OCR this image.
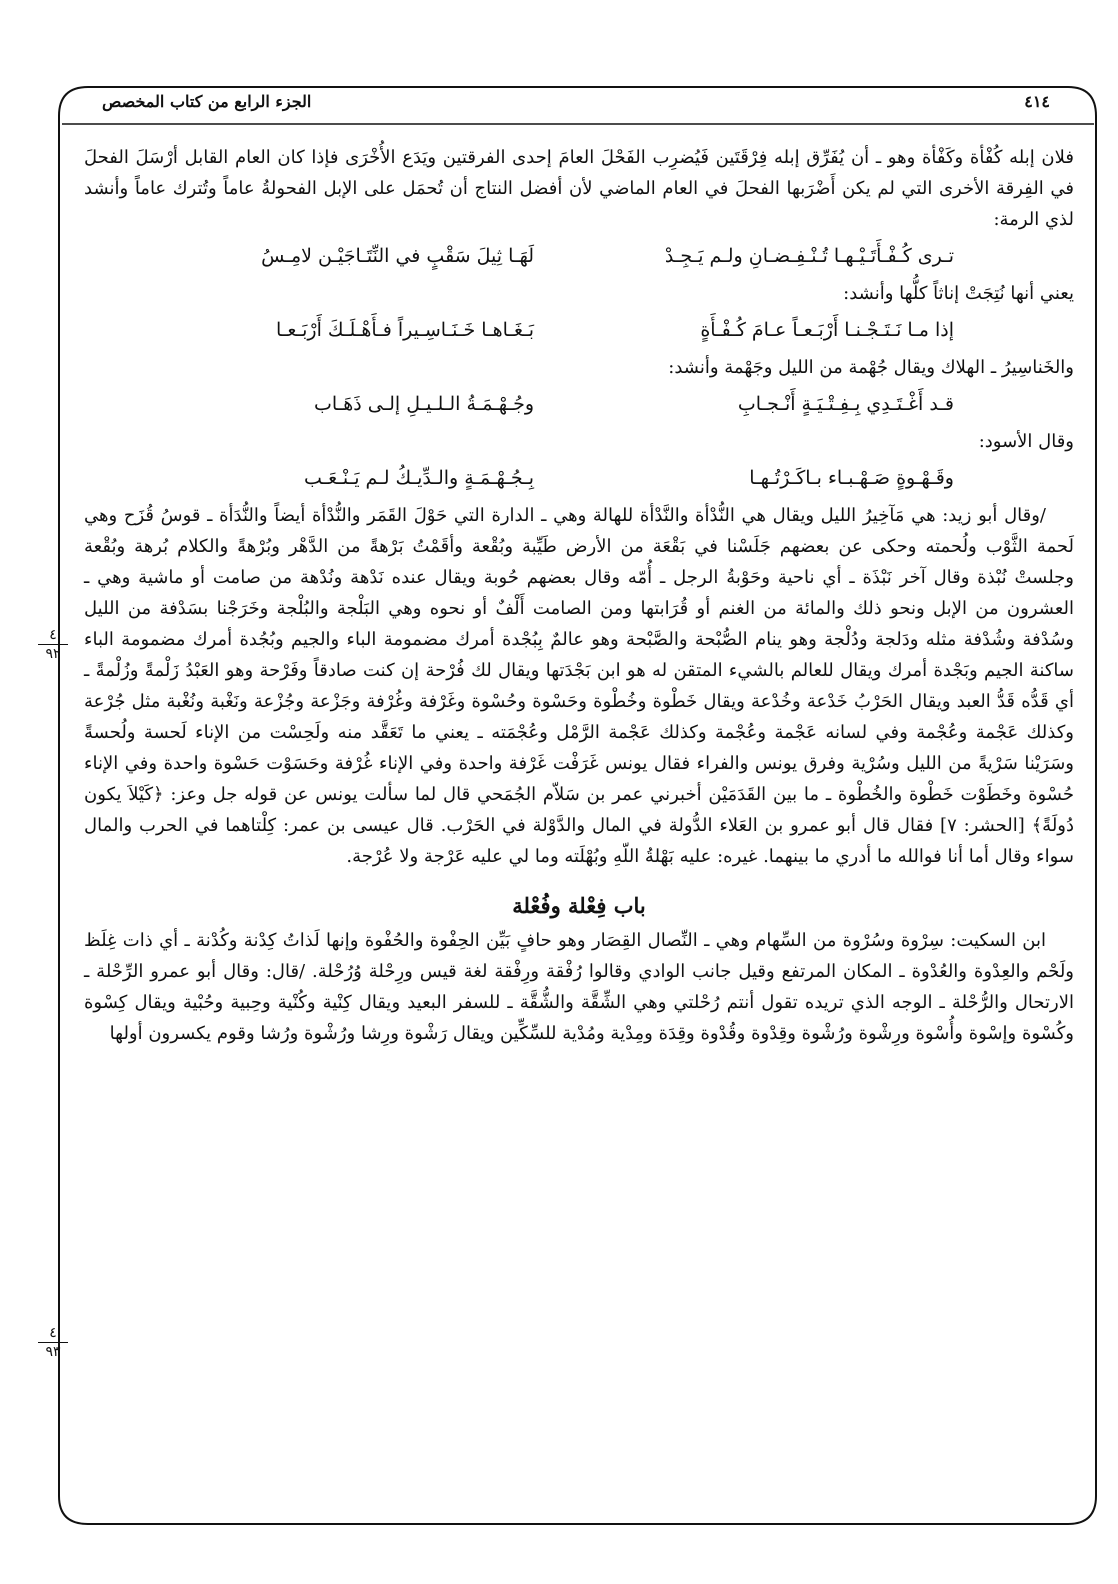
٤١٤
الجزء الرابع من كتاب المخصص
٤
٩٢
٤
٩٣

فلان إبله كُفْأة وكَفْأة وهو ـ أن يُفَرِّق إبله فِرْقَتَين فَيُضرِب الفَحْلَ العامَ إحدى الفرقتين ويَدَع الأُخْرَى فإذا كان العام القابل أرْسَلَ الفحلَ في الفِرقة الأخرى التي لم يكن أَضْرَبها الفحلَ في العام الماضي لأن أفضل النتاج أن تُحمَل على الإبل الفحولةُ عاماً وتُترك عاماً وأنشد لذي الرمة:

تـرى كُـفْـأَتَـيْـهـا تُـنْـفِـضـانِ ولـم يَـجِـدْ
لَهَـا ثِيلَ سَقْبٍ في النِّتَـاجَيْـن لامِـسُ

يعني أنها نُتِجَتْ إناثاً كلُّها وأنشد:

إذا مـا نَـتَـجْـنـا أَرْبَـعـاً عـامَ كُـفْـأَةٍ
بَـغَـاهـا خَـنَـاسِـيراً فـأَهْـلَـكَ أَرْبَـعـا

والخَناسِيرُ ـ الهلاك ويقال جُهْمة من الليل وجَهْمة وأنشد:

قـد أَغْـتَـدِي بِـفِـتْـيَـةٍ أَنْـجـابِ
وجُـهْـمَـةُ الـلـيـلِ إلـى ذَهَـاب

وقال الأسود:

وقَـهْـوةٍ صَـهْـبـاء بـاكَـرْتُـهـا
بِـجُـهْـمَـةٍ والـدِّيـكُ لـم يَـنْـعَـب

/وقال أبو زيد: هي مَآخِيرُ الليل ويقال هي النُّدْأة والنَّدْأة للهالة وهي ـ الدارة التي حَوْلَ القَمَر والنُّدْأة أيضاً والنُّدَأة ـ قوسُ قُزَح وهي لَحمة الثَّوْب ولُحمته وحكى عن بعضهم جَلَسْنا في بَقْعَة من الأرض طَيِّبة وبُقْعة وأقَمْتُ بَرْهةً من الدَّهْر وبُرْهةً والكلام بُرهة وبُقْعة وجلستْ نُبْذة وقال آخر نَبْذَة ـ أي ناحية وحَوْبةُ الرجل ـ أُمّه وقال بعضهم حُوبة ويقال عنده نَدْهة ونُدْهة من صامت أو ماشية وهي ـ العشرون من الإبل ونحو ذلك والمائة من الغنم أو قُرَابتها ومن الصامت أَلْفٌ أو نحوه وهي البَلْجة والبُلْجة وخَرَجْنا بسَدْفة من الليل وسُدْفة وشُدْفة مثله ودَلجة ودُلْجة وهو ينام الصُّبْحة والصَّبْحة وهو عالمٌ بِبُجْدة أمرك مضمومة الباء والجيم وبُجُدة أمرك مضمومة الباء ساكنة الجيم وبَجْدة أمرك ويقال للعالم بالشيء المتقن له هو ابن بَجْدَتها ويقال لك فُرْحة إن كنت صادقاً وفَرْحة وهو العَبْدُ زَلْمةً وزُلْمةً ـ أي قَدُّه قَدُّ العبد ويقال الحَرْبُ خَدْعة وخُدْعة ويقال خَطْوة وخُطْوة وحَسْوة وحُسْوة وغَرْفة وغُرْفة وجَزْعة وجُزْعة ونَغْبة ونُغْبة مثل جُرْعة وكذلك عَجْمة وعُجْمة وفي لسانه عَجْمة وعُجْمة وكذلك عَجْمة الرَّمْل وعُجْمَته ـ يعني ما تَعَقَّد منه ولَحِسْت من الإناء لَحسة ولُحسةً وسَرَيْنا سَرْيةً من الليل وسُرْية وفرق يونس والفراء فقال يونس غَرَفْت غَرْفة واحدة وفي الإناء غُرْفة وحَسَوْت حَسْوة واحدة وفي الإناء حُسْوة وخَطَوْت خَطْوة والخُطْوة ـ ما بين القَدَمَيْن أخبرني عمر بن سَلاّم الجُمَحي قال لما سألت يونس عن قوله جل وعز: ﴿كَيْلاَ يكون دُولَةً﴾ [الحشر: ٧] فقال قال أبو عمرو بن العَلاء الدُّولة في المال والدَّوْلة في الحَرْب. قال عيسى بن عمر: كِلْتاهما في الحرب والمال سواء وقال أما أنا فوالله ما أدري ما بينهما. غيره: عليه بَهْلةُ اللّهِ وبُهْلَته وما لي عليه عَرْجة ولا عُرْجة.

باب فِعْلة وفُعْلة

ابن السكيت: سِرْوة وسُرْوة من السِّهام وهي ـ النِّصال القِصَار وهو حافٍ بَيِّن الحِفْوة والحُفْوة وإنها لَذاتُ كِدْنة وكُدْنة ـ أي ذات غِلَظ ولَحْم والعِدْوة والعُدْوة ـ المكان المرتفع وقيل جانب الوادي وقالوا رُفْقة ورِفْقة لغة قيس ورِحْلة وُرُحْلة. /قال: وقال أبو عمرو الرِّحْلة ـ الارتحال والرُّحْلة ـ الوجه الذي تريده تقول أنتم رُحْلتي وهي الشِّقَّة والشُّقَّة ـ للسفر البعيد ويقال كِنْية وكُنْية وحِبية وحُبْية ويقال كِسْوة وكُسْوة وإسْوة وأُسْوة ورِشْوة ورُشْوة وقِدْوة وقُدْوة وقِدَة ومِدْية ومُدْية للسِّكِّين ويقال رَشْوة ورِشا ورُشْوة ورُشا وقوم يكسرون أولها
